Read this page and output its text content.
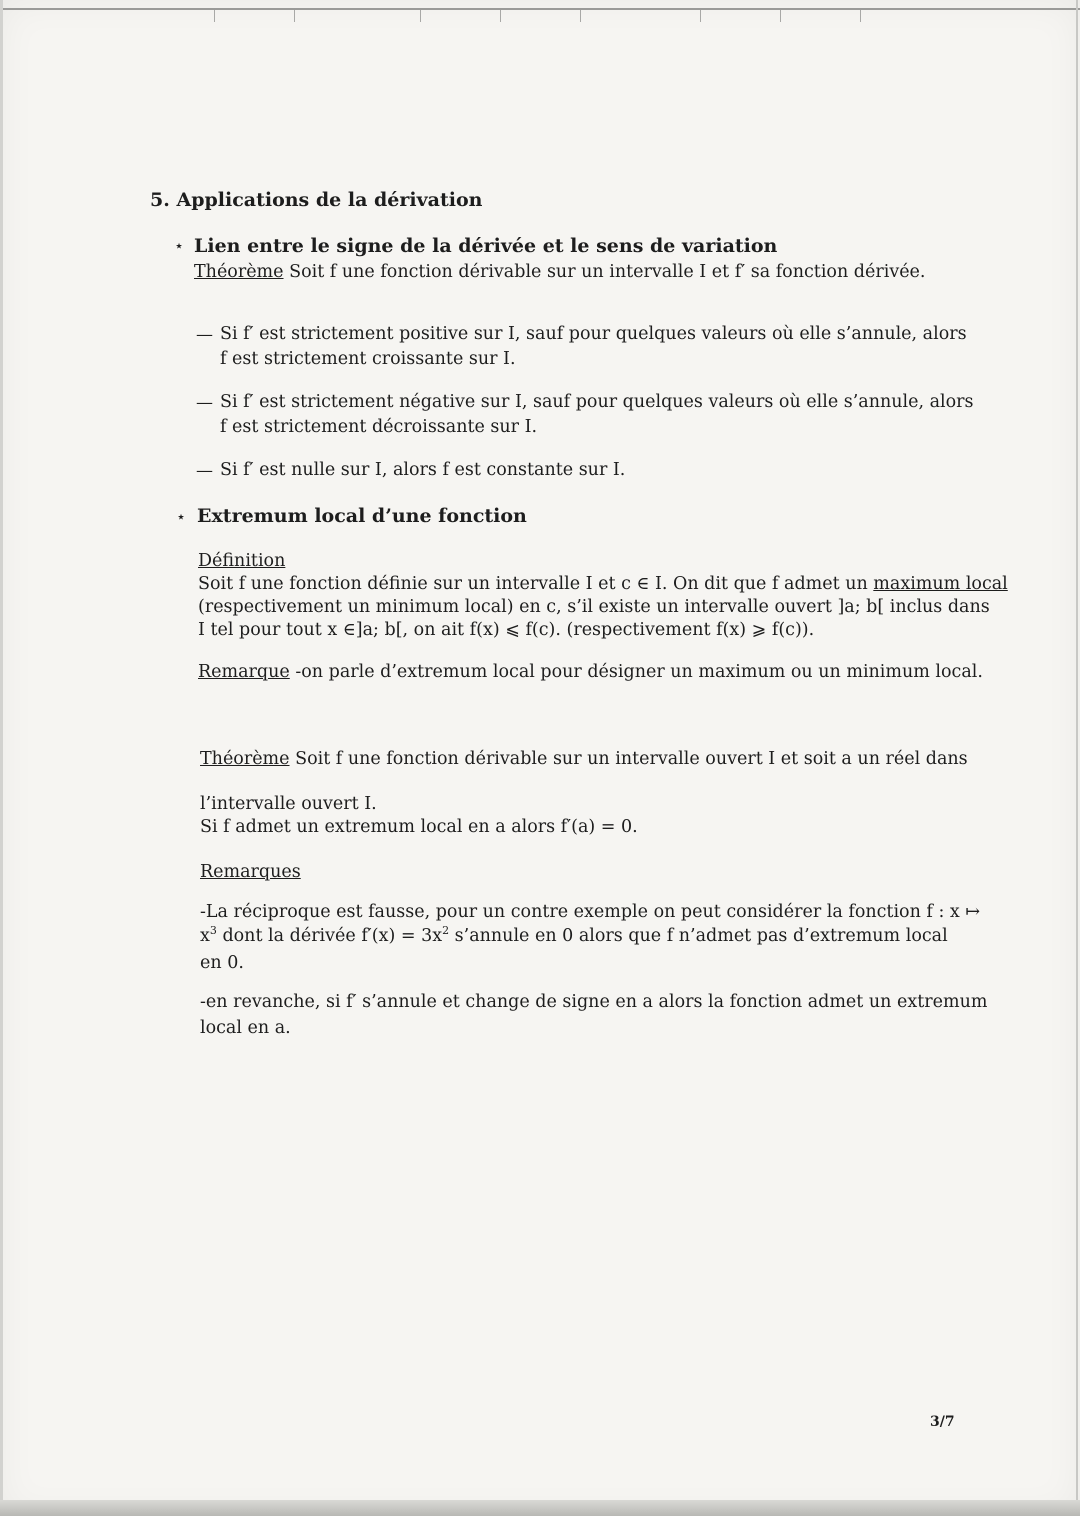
5. Applications de la dérivation
⋆ Lien entre le signe de la dérivée et le sens de variation
Théorème Soit f une fonction dérivable sur un intervalle I et f′ sa fonction dérivée.
— Si f′ est strictement positive sur I, sauf pour quelques valeurs où elle s’annule, alors
f est strictement croissante sur I.
— Si f′ est strictement négative sur I, sauf pour quelques valeurs où elle s’annule, alors
f est strictement décroissante sur I.
— Si f′ est nulle sur I, alors f est constante sur I.
⋆ Extremum local d’une fonction
Définition
Soit f une fonction définie sur un intervalle I et c ∈ I. On dit que f admet un maximum local
(respectivement un minimum local) en c, s’il existe un intervalle ouvert ]a; b[ inclus dans
I tel pour tout x ∈]a; b[, on ait f(x) ⩽ f(c). (respectivement f(x) ⩾ f(c)).
Remarque -on parle d’extremum local pour désigner un maximum ou un minimum local.
Théorème Soit f une fonction dérivable sur un intervalle ouvert I et soit a un réel dans
l’intervalle ouvert I.
Si f admet un extremum local en a alors f′(a) = 0.
Remarques
-La réciproque est fausse, pour un contre exemple on peut considérer la fonction f : x ↦
$x^3$ dont la dérivée $f'(x) = 3x^2$ s’annule en 0 alors que f n’admet pas d’extremum local
en 0.
-en revanche, si f′ s’annule et change de signe en a alors la fonction admet un extremum
local en a.
3/7
